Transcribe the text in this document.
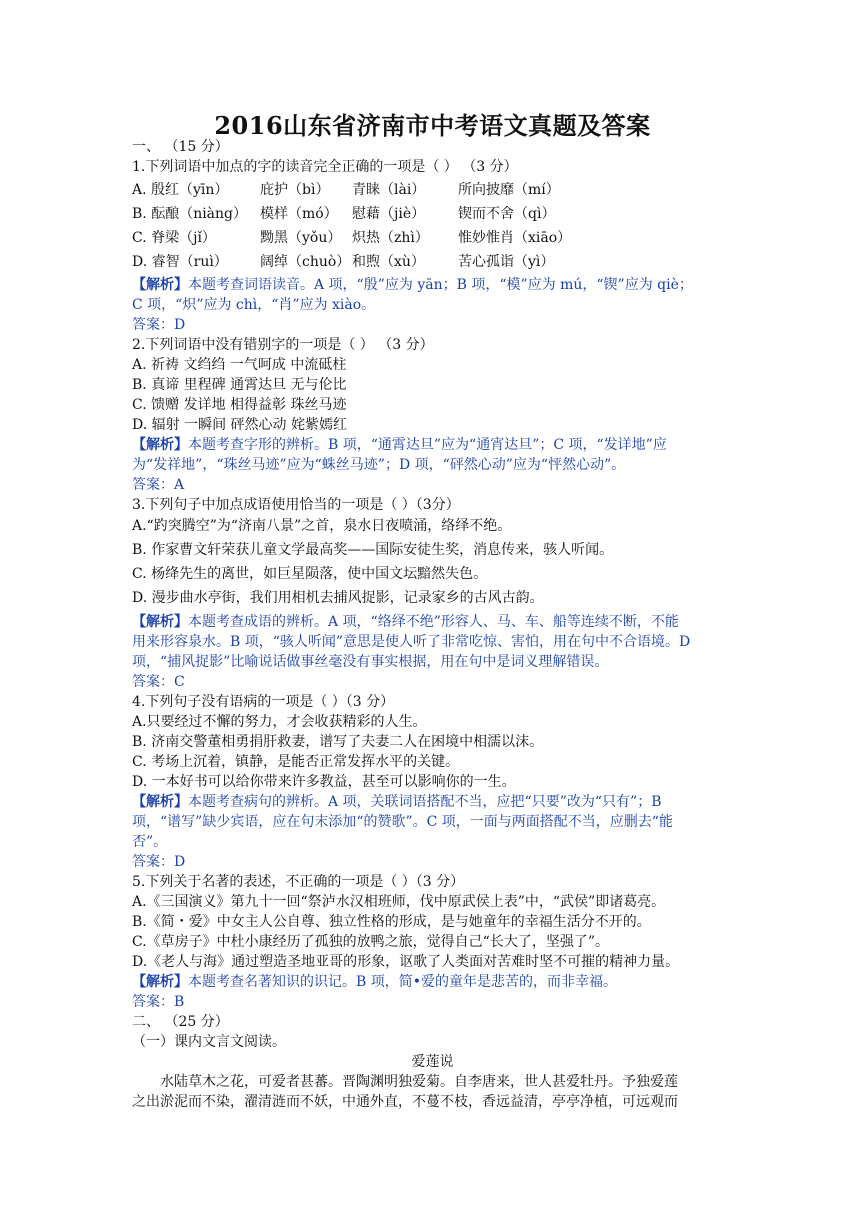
2016山东省济南市中考语文真题及答案
一、 （15 分）
1.下列词语中加点的字的读音完全正确的一项是（ ） （3 分）
A. 殷红（yīn） 庇护（bì） 青睐（lài） 所向披靡（mí）
B. 酝酿（niàng） 模样（mó） 慰藉（jiè） 锲而不舍（qì）
C. 脊梁（jǐ）	黝黑（yǒu） 炽热（zhì） 惟妙惟肖（xiāo）
D. 睿智（ruì） 阔绰（chuò） 和煦（xù） 苦心孤诣（yì）
【解析】本题考查词语读音。A 项，“殷”应为 yān；B 项，“模”应为 mú，“锲”应为 qiè；
C 项，“炽”应为 chì，“肖”应为 xiào。
答案：D
2.下列词语中没有错别字的一项是（ ） （3 分）
A. 祈祷 文绉绉 一气呵成 中流砥柱
B. 真谛 里程碑 通霄达旦 无与伦比
C. 馈赠 发详地 相得益彰 珠丝马迹
D. 辐射 一瞬间 砰然心动 姹紫嫣红
【解析】本题考查字形的辨析。B 项，“通霄达旦”应为“通宵达旦”；C 项，“发详地”应
为“发祥地”，“珠丝马迹”应为“蛛丝马迹”；D 项，“砰然心动”应为“怦然心动”。
答案：A
3.下列句子中加点成语使用恰当的一项是（ ）（3分）
A.“趵突腾空”为“济南八景”之首，泉水日夜喷涌，络绎不绝。
B. 作家曹文轩荣获儿童文学最高奖——国际安徒生奖，消息传来，骇人听闻。
C. 杨绛先生的离世，如巨星陨落，使中国文坛黯然失色。
D. 漫步曲水亭街，我们用相机去捕风捉影，记录家乡的古风古韵。
【解析】本题考查成语的辨析。A 项，“络绎不绝”形容人、马、车、船等连续不断，不能
用来形容泉水。B 项，“骇人听闻”意思是使人听了非常吃惊、害怕，用在句中不合语境。D
项，“捕风捉影”比喻说话做事丝毫没有事实根据，用在句中是词义理解错误。
答案：C
4.下列句子没有语病的一项是（ ）（3 分）
A.只要经过不懈的努力，才会收获精彩的人生。
B. 济南交警董相勇捐肝救妻，谱写了夫妻二人在困境中相濡以沫。
C. 考场上沉着，镇静，是能否正常发挥水平的关键。
D. 一本好书可以给你带来许多教益，甚至可以影响你的一生。
【解析】本题考查病句的辨析。A 项，关联词语搭配不当，应把“只要”改为“只有”；B
项，“谱写”缺少宾语，应在句末添加“的赞歌”。C 项，一面与两面搭配不当，应删去“能
否”。
答案：D
5.下列关于名著的表述，不正确的一项是（ ）（3 分）
A.《三国演义》第九十一回“祭泸水汉相班师，伐中原武侯上表”中，“武侯”即诸葛亮。
B.《简・爱》中女主人公自尊、独立性格的形成，是与她童年的幸福生活分不开的。
C.《草房子》中杜小康经历了孤独的放鸭之旅，觉得自己“长大了，坚强了”。
D.《老人与海》通过塑造圣地亚哥的形象，讴歌了人类面对苦难时坚不可摧的精神力量。
【解析】本题考查名著知识的识记。B 项，简•爱的童年是悲苦的，而非幸福。
答案：B
二、 （25 分）
（一）课内文言文阅读。
爱莲说
水陆草木之花，可爱者甚蕃。晋陶渊明独爱菊。自李唐来，世人甚爱牡丹。予独爱莲
之出淤泥而不染，濯清涟而不妖，中通外直，不蔓不枝，香远益清，亭亭净植，可远观而
